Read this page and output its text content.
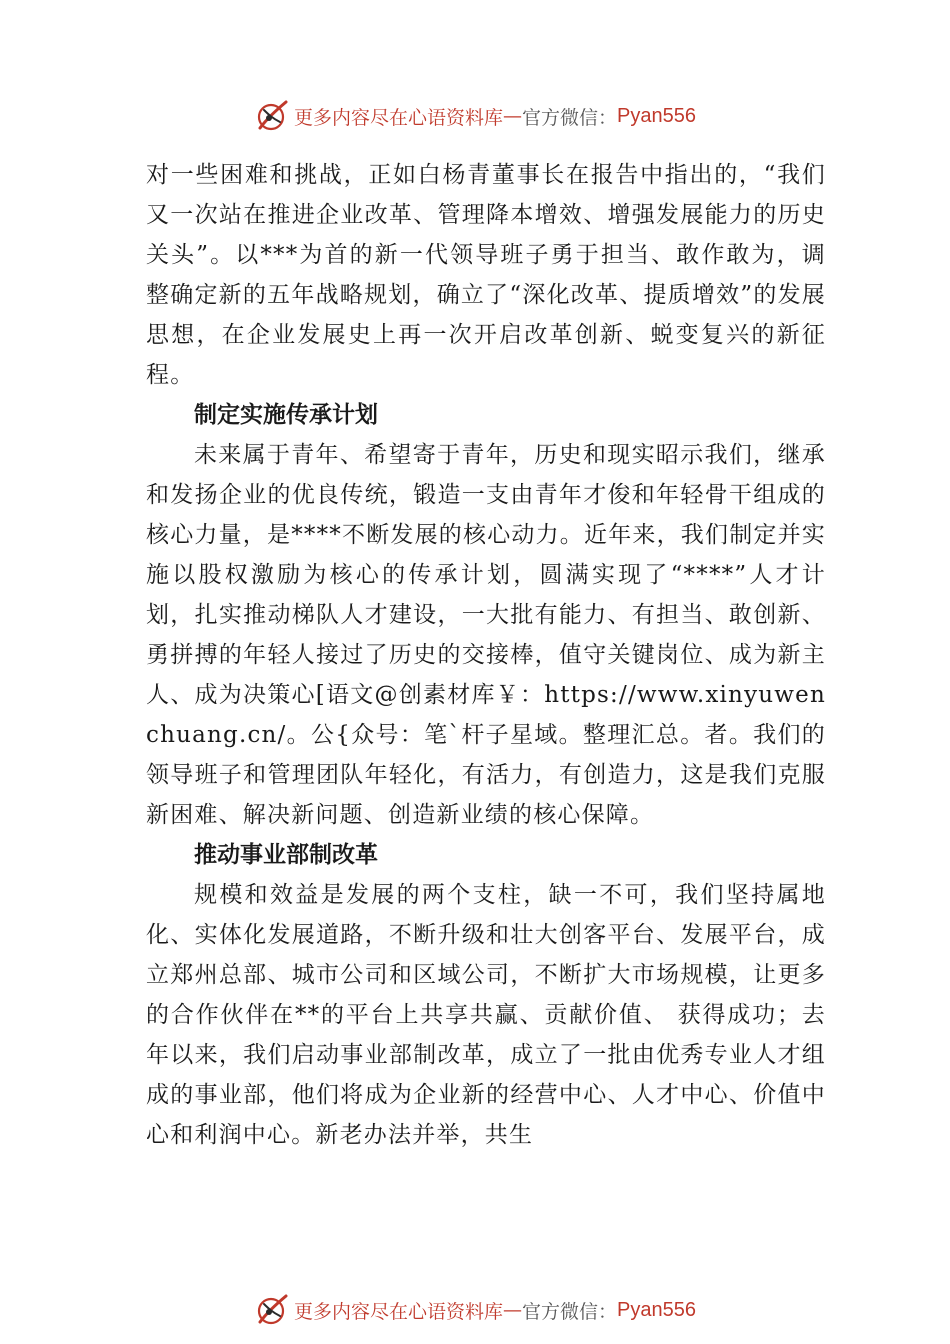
更多内容尽在心语资料库 — 官方微信： Pyan556

对一些困难和挑战，正如白杨青董事长在报告中指出的，“我们又一次站在推进企业改革、管理降本增效、增强发展能力的历史关头”。以***为首的新一代领导班子勇于担当、敢作敢为，调整确定新的五年战略规划，确立了“深化改革、提质增效”的发展思想，在企业发展史上再一次开启改革创新、蜕变复兴的新征程。

制定实施传承计划

未来属于青年、希望寄于青年，历史和现实昭示我们，继承和发扬企业的优良传统，锻造一支由青年才俊和年轻骨干组成的核心力量，是****不断发展的核心动力。近年来，我们制定并实施以股权激励为核心的传承计划，圆满实现了“****”人才计划，扎实推动梯队人才建设，一大批有能力、有担当、敢创新、勇拼搏的年轻人接过了历史的交接棒，值守关键岗位、成为新主人、成为决策心[语文@创素材库￥：https://www.xinyuwenchuang.cn/。公{众号：笔`杆子星域。整理汇总。者。我们的领导班子和管理团队年轻化，有活力，有创造力，这是我们克服新困难、解决新问题、创造新业绩的核心保障。

推动事业部制改革

规模和效益是发展的两个支柱，缺一不可，我们坚持属地化、实体化发展道路，不断升级和壮大创客平台、发展平台，成立郑州总部、城市公司和区域公司，不断扩大市场规模，让更多的合作伙伴在**的平台上共享共赢、贡献价值、 获得成功；去年以来，我们启动事业部制改革，成立了一批由优秀专业人才组成的事业部，他们将成为企业新的经营中心、人才中心、价值中心和利润中心。新老办法并举，共生

更多内容尽在心语资料库 — 官方微信： Pyan556
